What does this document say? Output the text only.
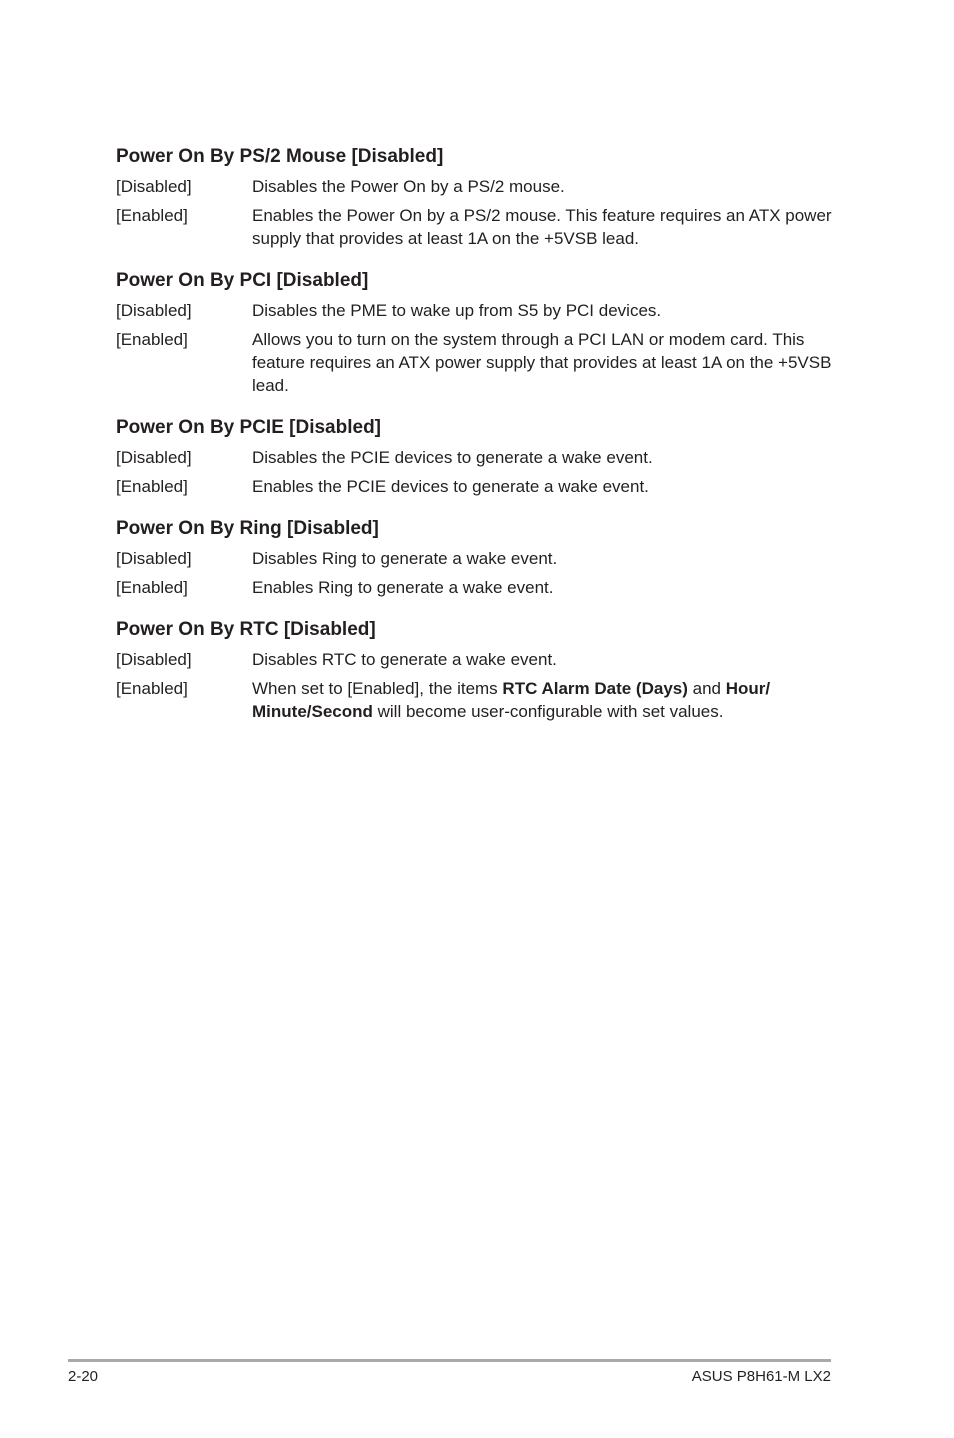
Power On By PS/2 Mouse [Disabled]
[Disabled]	Disables the Power On by a PS/2 mouse.
[Enabled]	Enables the Power On by a PS/2 mouse. This feature requires an ATX power supply that provides at least 1A on the +5VSB lead.
Power On By PCI [Disabled]
[Disabled]	Disables the PME to wake up from S5 by PCI devices.
[Enabled]	Allows you to turn on the system through a PCI LAN or modem card. This feature requires an ATX power supply that provides at least 1A on the +5VSB lead.
Power On By PCIE [Disabled]
[Disabled]	Disables the PCIE devices to generate a wake event.
[Enabled]	Enables the PCIE devices to generate a wake event.
Power On By Ring [Disabled]
[Disabled]	Disables Ring to generate a wake event.
[Enabled]	Enables Ring to generate a wake event.
Power On By RTC [Disabled]
[Disabled]	Disables RTC to generate a wake event.
[Enabled]	When set to [Enabled], the items RTC Alarm Date (Days) and Hour/ Minute/Second will become user-configurable with set values.
2-20	ASUS P8H61-M LX2
